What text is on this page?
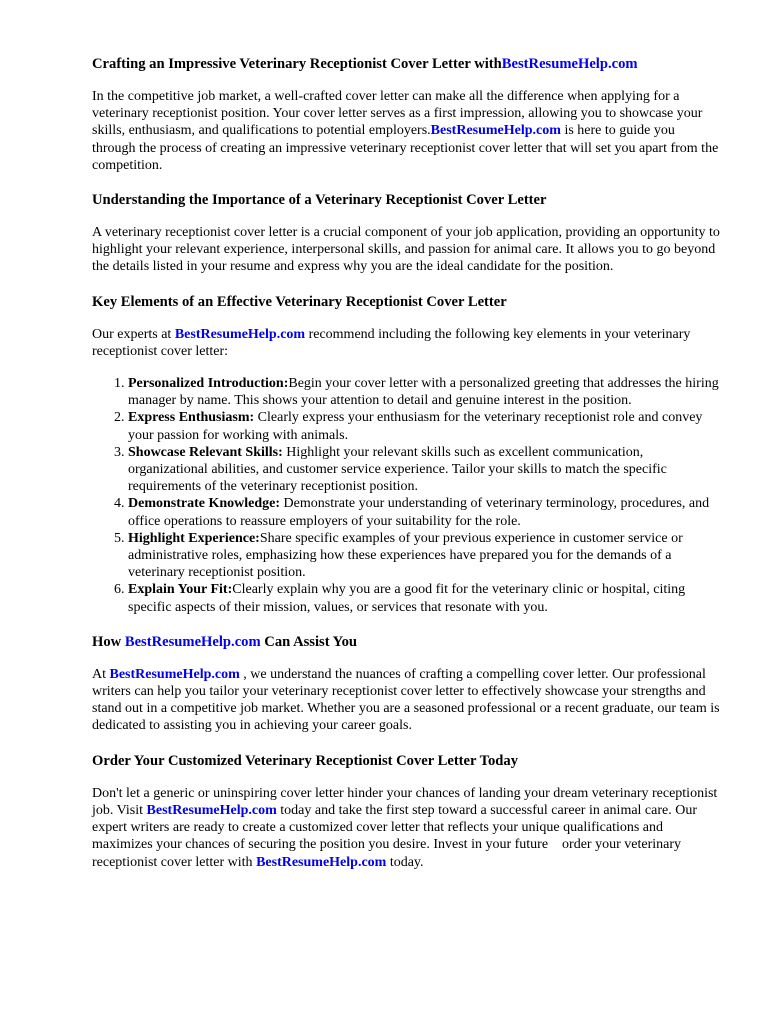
Crafting an Impressive Veterinary Receptionist Cover Letter withBestResumeHelp.com

In the competitive job market, a well-crafted cover letter can make all the difference when applying for a veterinary receptionist position. Your cover letter serves as a first impression, allowing you to showcase your skills, enthusiasm, and qualifications to potential employers.BestResumeHelp.com is here to guide you through the process of creating an impressive veterinary receptionist cover letter that will set you apart from the competition.

Understanding the Importance of a Veterinary Receptionist Cover Letter

A veterinary receptionist cover letter is a crucial component of your job application, providing an opportunity to highlight your relevant experience, interpersonal skills, and passion for animal care. It allows you to go beyond the details listed in your resume and express why you are the ideal candidate for the position.

Key Elements of an Effective Veterinary Receptionist Cover Letter

Our experts at BestResumeHelp.com recommend including the following key elements in your veterinary receptionist cover letter:

1. Personalized Introduction:Begin your cover letter with a personalized greeting that addresses the hiring manager by name. This shows your attention to detail and genuine interest in the position.
2. Express Enthusiasm: Clearly express your enthusiasm for the veterinary receptionist role and convey your passion for working with animals.
3. Showcase Relevant Skills: Highlight your relevant skills such as excellent communication, organizational abilities, and customer service experience. Tailor your skills to match the specific requirements of the veterinary receptionist position.
4. Demonstrate Knowledge: Demonstrate your understanding of veterinary terminology, procedures, and office operations to reassure employers of your suitability for the role.
5. Highlight Experience:Share specific examples of your previous experience in customer service or administrative roles, emphasizing how these experiences have prepared you for the demands of a veterinary receptionist position.
6. Explain Your Fit:Clearly explain why you are a good fit for the veterinary clinic or hospital, citing specific aspects of their mission, values, or services that resonate with you.
How BestResumeHelp.com Can Assist You

At BestResumeHelp.com , we understand the nuances of crafting a compelling cover letter. Our professional writers can help you tailor your veterinary receptionist cover letter to effectively showcase your strengths and stand out in a competitive job market. Whether you are a seasoned professional or a recent graduate, our team is dedicated to assisting you in achieving your career goals.

Order Your Customized Veterinary Receptionist Cover Letter Today

Don't let a generic or uninspiring cover letter hinder your chances of landing your dream veterinary receptionist job. Visit BestResumeHelp.com today and take the first step toward a successful career in animal care. Our expert writers are ready to create a customized cover letter that reflects your unique qualifications and maximizes your chances of securing the position you desire. Invest in your future    order your veterinary receptionist cover letter with BestResumeHelp.com today.
